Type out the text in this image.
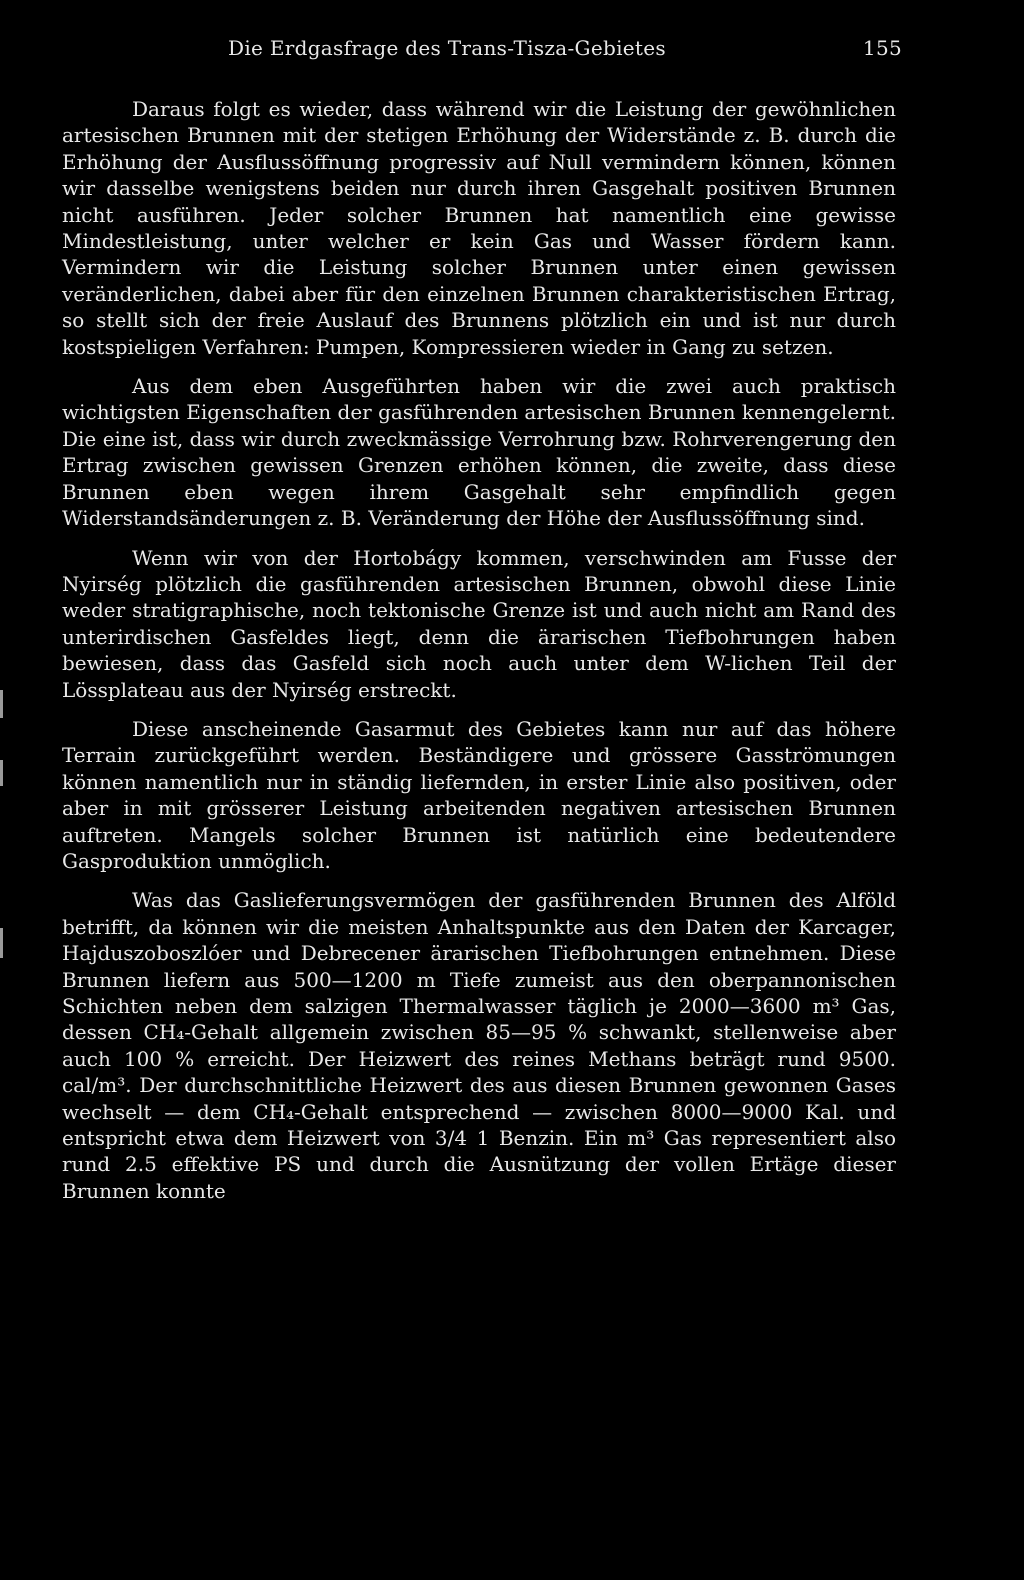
Die Erdgasfrage des Trans-Tisza-Gebietes	155

Daraus folgt es wieder, dass während wir die Leistung der gewöhnlichen artesischen Brunnen mit der stetigen Erhöhung der Widerstände z. B. durch die Erhöhung der Ausflussöffnung progressiv auf Null vermindern können, können wir dasselbe wenigstens beiden nur durch ihren Gasgehalt positiven Brunnen nicht ausführen. Jeder solcher Brunnen hat namentlich eine gewisse Mindestleistung, unter welcher er kein Gas und Wasser fördern kann. Vermindern wir die Leistung solcher Brunnen unter einen gewissen veränderlichen, dabei aber für den einzelnen Brunnen charakteristischen Ertrag, so stellt sich der freie Auslauf des Brunnens plötzlich ein und ist nur durch kostspieligen Verfahren: Pumpen, Kompressieren wieder in Gang zu setzen.

Aus dem eben Ausgeführten haben wir die zwei auch praktisch wichtigsten Eigenschaften der gasführenden artesischen Brunnen kennengelernt. Die eine ist, dass wir durch zweckmässige Verrohrung bzw. Rohrverengerung den Ertrag zwischen gewissen Grenzen erhöhen können, die zweite, dass diese Brunnen eben wegen ihrem Gasgehalt sehr empfindlich gegen Widerstandsänderungen z. B. Veränderung der Höhe der Ausflussöffnung sind.

Wenn wir von der Hortobágy kommen, verschwinden am Fusse der Nyirség plötzlich die gasführenden artesischen Brunnen, obwohl diese Linie weder stratigraphische, noch tektonische Grenze ist und auch nicht am Rand des unterirdischen Gasfeldes liegt, denn die ärarischen Tiefbohrungen haben bewiesen, dass das Gasfeld sich noch auch unter dem W-lichen Teil der Lössplateau aus der Nyirség erstreckt.

Diese anscheinende Gasarmut des Gebietes kann nur auf das höhere Terrain zurückgeführt werden. Beständigere und grössere Gasströmungen können namentlich nur in ständig liefernden, in erster Linie also positiven, oder aber in mit grösserer Leistung arbeitenden negativen artesischen Brunnen auftreten. Mangels solcher Brunnen ist natürlich eine bedeutendere Gasproduktion unmöglich.

Was das Gaslieferungsvermögen der gasführenden Brunnen des Alföld betrifft, da können wir die meisten Anhaltspunkte aus den Daten der Karcager, Hajduszoboszlóer und Debrecener ärarischen Tiefbohrungen entnehmen. Diese Brunnen liefern aus 500—1200 m Tiefe zumeist aus den oberpannonischen Schichten neben dem salzigen Thermalwasser täglich je 2000—3600 m³ Gas, dessen CH₄-Gehalt allgemein zwischen 85—95 % schwankt, stellenweise aber auch 100 % erreicht. Der Heizwert des reines Methans beträgt rund 9500. cal/m³. Der durchschnittliche Heizwert des aus diesen Brunnen gewonnen Gases wechselt — dem CH₄-Gehalt entsprechend — zwischen 8000—9000 Kal. und entspricht etwa dem Heizwert von 3/4 1 Benzin. Ein m³ Gas representiert also rund 2.5 effektive PS und durch die Ausnützung der vollen Ertäge dieser Brunnen konnte
